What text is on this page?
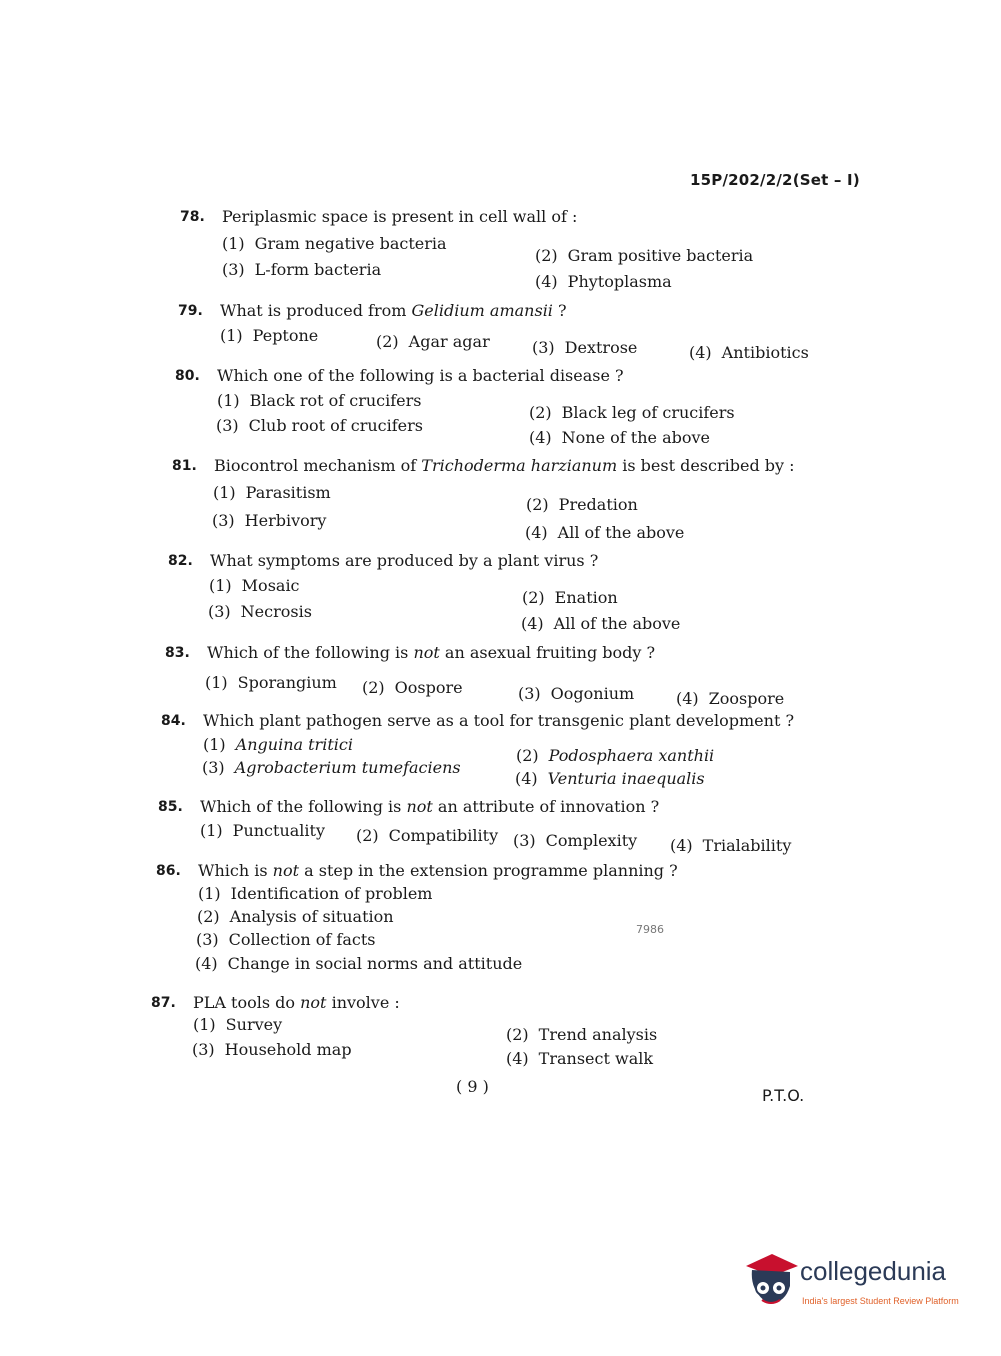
15P/202/2/2(Set – I)
78. Periplasmic space is present in cell wall of :
(1) Gram negative bacteria
(2) Gram positive bacteria
(3) L-form bacteria
(4) Phytoplasma
79. What is produced from Gelidium amansii ?
(1) Peptone	(2) Agar agar	(3) Dextrose	(4) Antibiotics
80. Which one of the following is a bacterial disease ?
(1) Black rot of crucifers
(2) Black leg of crucifers
(3) Club root of crucifers
(4) None of the above
81. Biocontrol mechanism of Trichoderma harzianum is best described by :
(1) Parasitism
(2) Predation
(3) Herbivory
(4) All of the above
82. What symptoms are produced by a plant virus ?
(1) Mosaic
(2) Enation
(3) Necrosis
(4) All of the above
83. Which of the following is not an asexual fruiting body ?
(1) Sporangium (2) Oospore	(3) Oogonium	(4) Zoospore
84. Which plant pathogen serve as a tool for transgenic plant development ?
(1) Anguina tritici
(2) Podosphaera xanthii
(3) Agrobacterium tumefaciens
(4) Venturia inaequalis
85. Which of the following is not an attribute of innovation ?
(1) Punctuality (2) Compatibility (3) Complexity (4) Trialability
86. Which is not a step in the extension programme planning ?
(1) Identification of problem
(2) Analysis of situation
(3) Collection of facts
(4) Change in social norms and attitude
87. PLA tools do not involve :
(1) Survey
(2) Trend analysis
(3) Household map	(4) Transect walk
7986
( 9 )	P.T.O.
collegedunia
India's largest Student Review Platform
